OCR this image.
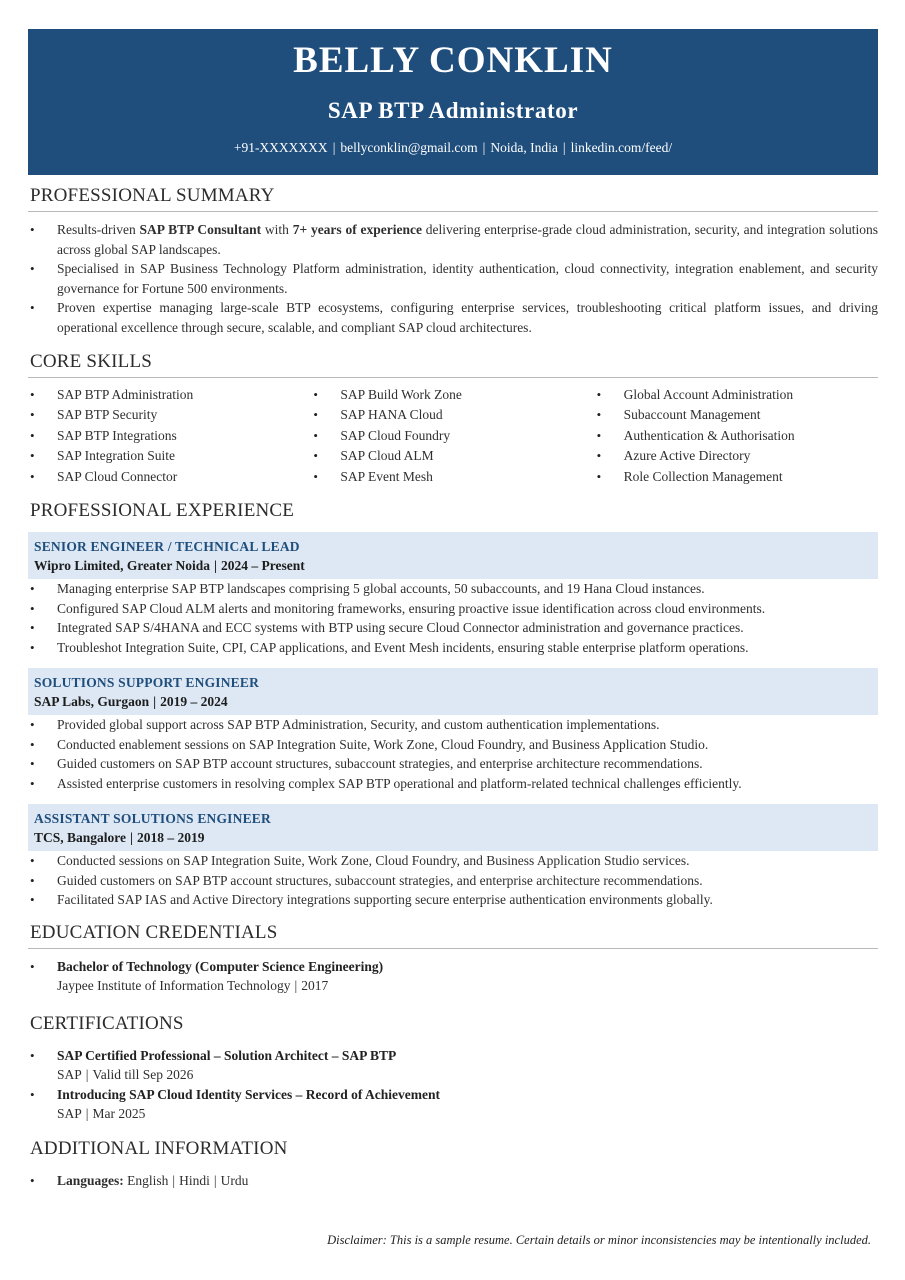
BELLY CONKLIN
SAP BTP Administrator
+91-XXXXXXX | bellyconklin@gmail.com | Noida, India | linkedin.com/feed/
PROFESSIONAL SUMMARY
• Results-driven SAP BTP Consultant with 7+ years of experience delivering enterprise-grade cloud administration, security, and integration solutions across global SAP landscapes.
• Specialised in SAP Business Technology Platform administration, identity authentication, cloud connectivity, integration enablement, and security governance for Fortune 500 environments.
• Proven expertise managing large-scale BTP ecosystems, configuring enterprise services, troubleshooting critical platform issues, and driving operational excellence through secure, scalable, and compliant SAP cloud architectures.
CORE SKILLS
• SAP BTP Administration
• SAP BTP Security
• SAP BTP Integrations
• SAP Integration Suite
• SAP Cloud Connector
• SAP Build Work Zone
• SAP HANA Cloud
• SAP Cloud Foundry
• SAP Cloud ALM
• SAP Event Mesh
• Global Account Administration
• Subaccount Management
• Authentication & Authorisation
• Azure Active Directory
• Role Collection Management
PROFESSIONAL EXPERIENCE
SENIOR ENGINEER / TECHNICAL LEAD
Wipro Limited, Greater Noida | 2024 – Present
• Managing enterprise SAP BTP landscapes comprising 5 global accounts, 50 subaccounts, and 19 Hana Cloud instances.
• Configured SAP Cloud ALM alerts and monitoring frameworks, ensuring proactive issue identification across cloud environments.
• Integrated SAP S/4HANA and ECC systems with BTP using secure Cloud Connector administration and governance practices.
• Troubleshot Integration Suite, CPI, CAP applications, and Event Mesh incidents, ensuring stable enterprise platform operations.
SOLUTIONS SUPPORT ENGINEER
SAP Labs, Gurgaon | 2019 – 2024
• Provided global support across SAP BTP Administration, Security, and custom authentication implementations.
• Conducted enablement sessions on SAP Integration Suite, Work Zone, Cloud Foundry, and Business Application Studio.
• Guided customers on SAP BTP account structures, subaccount strategies, and enterprise architecture recommendations.
• Assisted enterprise customers in resolving complex SAP BTP operational and platform-related technical challenges efficiently.
ASSISTANT SOLUTIONS ENGINEER
TCS, Bangalore | 2018 – 2019
• Conducted sessions on SAP Integration Suite, Work Zone, Cloud Foundry, and Business Application Studio services.
• Guided customers on SAP BTP account structures, subaccount strategies, and enterprise architecture recommendations.
• Facilitated SAP IAS and Active Directory integrations supporting secure enterprise authentication environments globally.
EDUCATION CREDENTIALS
• Bachelor of Technology (Computer Science Engineering)
Jaypee Institute of Information Technology | 2017
CERTIFICATIONS
• SAP Certified Professional – Solution Architect – SAP BTP
SAP | Valid till Sep 2026
• Introducing SAP Cloud Identity Services – Record of Achievement
SAP | Mar 2025
ADDITIONAL INFORMATION
• Languages: English | Hindi | Urdu
Disclaimer: This is a sample resume. Certain details or minor inconsistencies may be intentionally included.
